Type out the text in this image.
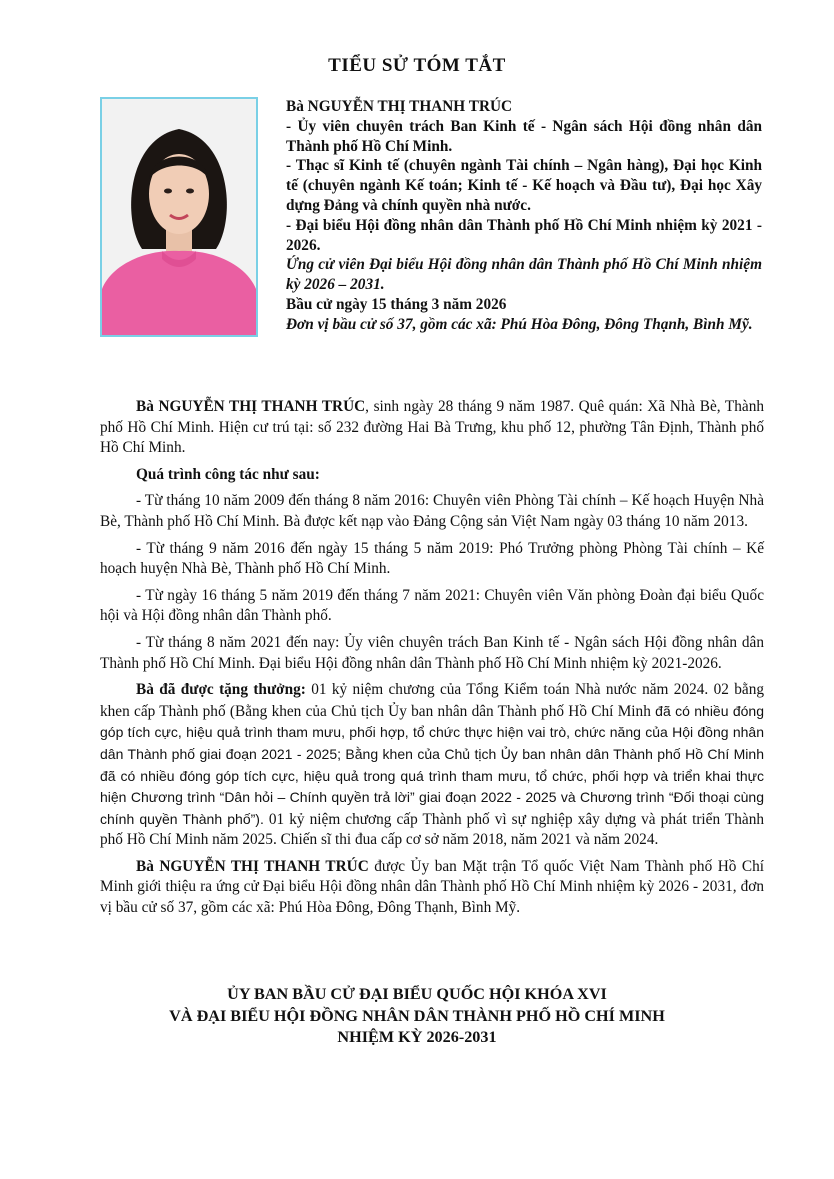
TIỂU SỬ TÓM TẮT

Bà NGUYỄN THỊ THANH TRÚC

- Ủy viên chuyên trách Ban Kinh tế - Ngân sách Hội đồng nhân dân Thành phố Hồ Chí Minh.

- Thạc sĩ Kinh tế (chuyên ngành Tài chính – Ngân hàng), Đại học Kinh tế (chuyên ngành Kế toán; Kinh tế - Kế hoạch và Đầu tư), Đại học Xây dựng Đảng và chính quyền nhà nước.

- Đại biểu Hội đồng nhân dân Thành phố Hồ Chí Minh nhiệm kỳ 2021 - 2026.

Ứng cử viên Đại biểu Hội đồng nhân dân Thành phố Hồ Chí Minh nhiệm kỳ 2026 – 2031.

Bầu cử ngày 15 tháng 3 năm 2026

Đơn vị bầu cử số 37, gồm các xã: Phú Hòa Đông, Đông Thạnh, Bình Mỹ.

Bà NGUYỄN THỊ THANH TRÚC, sinh ngày 28 tháng 9 năm 1987. Quê quán: Xã Nhà Bè, Thành phố Hồ Chí Minh. Hiện cư trú tại: số 232 đường Hai Bà Trưng, khu phố 12, phường Tân Định, Thành phố Hồ Chí Minh.

Quá trình công tác như sau:

- Từ tháng 10 năm 2009 đến tháng 8 năm 2016: Chuyên viên Phòng Tài chính – Kế hoạch Huyện Nhà Bè, Thành phố Hồ Chí Minh. Bà được kết nạp vào Đảng Cộng sản Việt Nam ngày 03 tháng 10 năm 2013.

- Từ tháng 9 năm 2016 đến ngày 15 tháng 5 năm 2019: Phó Trưởng phòng Phòng Tài chính – Kế hoạch huyện Nhà Bè, Thành phố Hồ Chí Minh.

- Từ ngày 16 tháng 5 năm 2019 đến tháng 7 năm 2021: Chuyên viên Văn phòng Đoàn đại biểu Quốc hội và Hội đồng nhân dân Thành phố.

- Từ tháng 8 năm 2021 đến nay: Ủy viên chuyên trách Ban Kinh tế - Ngân sách Hội đồng nhân dân Thành phố Hồ Chí Minh. Đại biểu Hội đồng nhân dân Thành phố Hồ Chí Minh nhiệm kỳ 2021-2026.

Bà đã được tặng thưởng: 01 kỷ niệm chương của Tổng Kiểm toán Nhà nước năm 2024. 02 bằng khen cấp Thành phố (Bằng khen của Chủ tịch Ủy ban nhân dân Thành phố Hồ Chí Minh đã có nhiều đóng góp tích cực, hiệu quả trình tham mưu, phối hợp, tổ chức thực hiện vai trò, chức năng của Hội đồng nhân dân Thành phố giai đoạn 2021 - 2025; Bằng khen của Chủ tịch Ủy ban nhân dân Thành phố Hồ Chí Minh đã có nhiều đóng góp tích cực, hiệu quả trong quá trình tham mưu, tổ chức, phối hợp và triển khai thực hiện Chương trình “Dân hỏi – Chính quyền trả lời” giai đoạn 2022 - 2025 và Chương trình “Đối thoại cùng chính quyền Thành phố”). 01 kỷ niệm chương cấp Thành phố vì sự nghiệp xây dựng và phát triển Thành phố Hồ Chí Minh năm 2025. Chiến sĩ thi đua cấp cơ sở năm 2018, năm 2021 và năm 2024.

Bà NGUYỄN THỊ THANH TRÚC được Ủy ban Mặt trận Tổ quốc Việt Nam Thành phố Hồ Chí Minh giới thiệu ra ứng cử Đại biểu Hội đồng nhân dân Thành phố Hồ Chí Minh nhiệm kỳ 2026 - 2031, đơn vị bầu cử số 37, gồm các xã: Phú Hòa Đông, Đông Thạnh, Bình Mỹ.

ỦY BAN BẦU CỬ ĐẠI BIỂU QUỐC HỘI KHÓA XVI
VÀ ĐẠI BIỂU HỘI ĐỒNG NHÂN DÂN THÀNH PHỐ HỒ CHÍ MINH
NHIỆM KỲ 2026-2031
